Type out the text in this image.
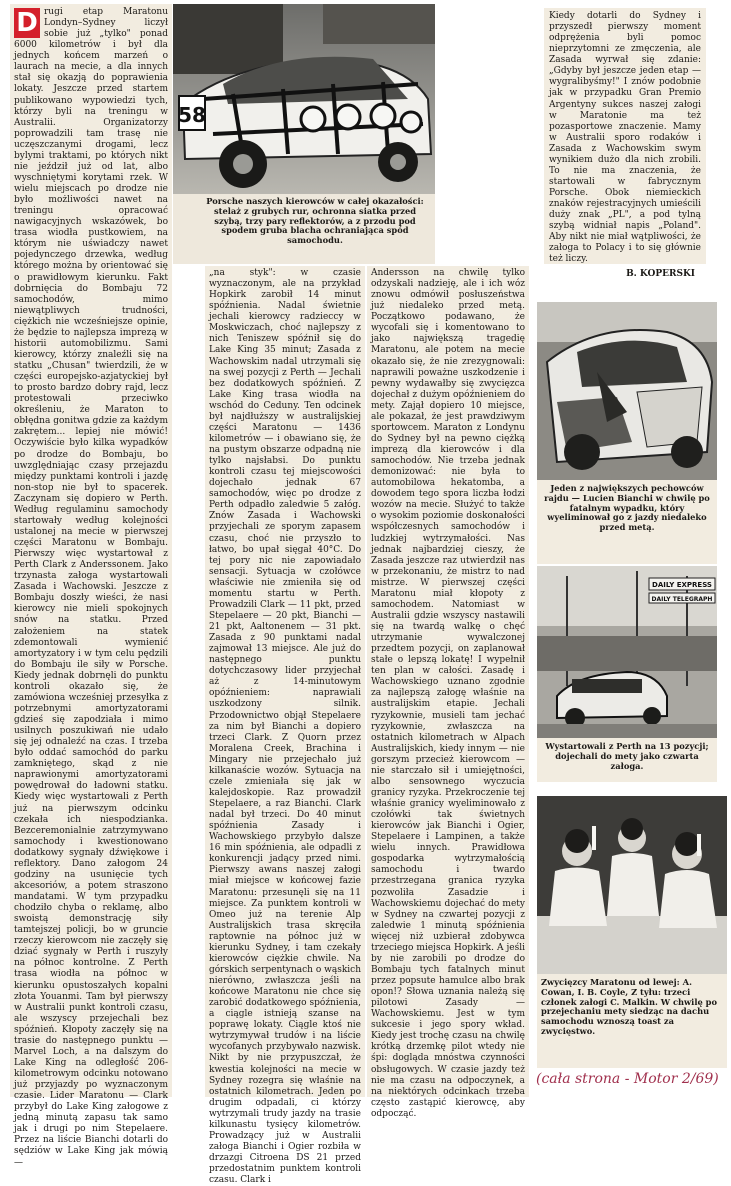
D rugi etap Maratonu Londyn–Sydney liczył sobie już „tylko" ponad 6000 kilometrów i był dla jednych końcem marzeń o laurach na mecie, a dla innych stał się okazją do poprawienia lokaty. Jeszcze przed startem publikowano wypowiedzi tych, którzy byli na treningu w Australii. Organizatorzy poprowadzili tam trasę nie uczęszczanymi drogami, lecz bylymi traktami, po których nikt nie jeździł już od lat, albo wyschniętymi korytami rzek. W wielu miejscach po drodze nie było możliwości nawet na treningu opracować nawigacyjnych wskazówek, bo trasa wiodła pustkowiem, na którym nie uświadczy nawet pojedynczego drzewka, według którego można by orientować się o prawidłowym kierunku. Fakt dobrnięcia do Bombaju 72 samochodów, mimo niewątpliwych trudności, ciężkich nie wcześniejsze opinie, że będzie to najlepsza imprezą w historii automobilizmu. Sami kierowcy, którzy znaleźli się na statku „Chusan" twierdzili, że w części europejsko-azjatyckiej był to prosto bardzo dobry rajd, lecz protestowali przeciwko określeniu, że Maraton to obłędna gonitwa gdzie za każdym zakrętem... lepiej nie mówić! Oczywiście było kilka wypadków po drodze do Bombaju, bo uwzględniając czasy przejazdu między punktami kontroli i jazdę non-stop nie był to spacerek. Zaczynam się dopiero w Perth. Według regulaminu samochody startowały według kolejności ustalonej na mecie w pierwszej części Maratonu w Bombaju. Pierwszy więc wystartował z Perth Clark z Anderssonem. Jako trzynasta załoga wystartowali Zasada i Wachowski. Jeszcze z Bombaju doszły wieści, że nasi kierowcy nie mieli spokojnych snów na statku. Przed założeniem na statek zdemontowali wymienić amortyzatory i w tym celu pędzili do Bombaju ile siły w Porsche. Kiedy jednak dobrnęli do punktu kontroli okazało się, że zamówiona wcześniej przesyłka z potrzebnymi amortyzatorami gdzieś się zapodziała i mimo usilnych poszukiwań nie udało się jej odnaleźć na czas. I trzeba było oddać samochód do parku zamkniętego, skąd z nie naprawionymi amortyzatorami powędrował do ładowni statku. Kiedy więc wystartowali z Perth już na pierwszym odcinku czekała ich niespodzianka. Bezceremonialnie zatrzymywano samochody i kwestionowano dodatkowy sygnały dźwiękowe i reflektory. Dano załogom 24 godziny na usunięcie tych akcesoriów, a potem straszono mandatami. W tym przypadku chodziło chyba o reklamę, albo swoistą demonstrację siły tamtejszej policji, bo w gruncie rzeczy kierowcom nie zaczęły się dziać sygnały w Perth i ruszyły na północ kontrolne. Z Perth trasa wiodła na północ w kierunku opustoszałych kopalni złota Youanmi. Tam był pierwszy w Australii punkt kontroli czasu, ale wszyscy przejechali bez spóźnień. Kłopoty zaczęły się na trasie do następnego punktu — Marvel Loch, a na dalszym do Lake King na odległość 206-kilometrowym odcinku notowano już przyjazdy po wyznaczonym czasie. Lider Maratonu — Clark przybył do Lake King załogowe z jedną minutą zapasu tak samo jak i drugi po nim Stepelaere. Przez na liście Bianchi dotarli do sędziów w Lake King jak mówią —

58

Porsche naszych kierowców w całej okazałości: stelaż z grubych rur, ochronna siatka przed szybą, trzy pary reflektorów, a z przodu pod spodem gruba blacha ochraniająca spód samochodu.

„na styk": w czasie wyznaczonym, ale na przykład Hopkirk zarobił 14 minut spóźnienia. Nadal świetnie jechali kierowcy radzieccy w Moskwiczach, choć najlepszy z nich Teniszew spóźnił się do Lake King 35 minut; Zasada z Wachowskim nadal utrzymali się na swej pozycji z Perth — Jechali bez dodatkowych spóźnień. Z Lake King trasa wiodła na wschód do Ceduny. Ten odcinek był najdłuższy w australijskiej części Maratonu — 1436 kilometrów — i obawiano się, że na pustym obszarze odpadną nie tylko najsłabsi. Do punktu kontroli czasu tej miejscowości dojechało jednak 67 samochodów, więc po drodze z Perth odpadło zaledwie 5 załóg. Znów Zasada i Wachowski przyjechali ze sporym zapasem czasu, choć nie przyszło to łatwo, bo upał sięgał 40°C. Do tej pory nic nie zapowiadało sensacji. Sytuacja w czołówce właściwie nie zmieniła się od momentu startu w Perth. Prowadzili Clark — 11 pkt, przed Stepelaere — 20 pkt, Bianchi — 21 pkt, Aaltonenem — 31 pkt. Zasada z 90 punktami nadal zajmował 13 miejsce. Ale już do następnego punktu dotychczasowy lider przyjechał aż z 14-minutowym opóźnieniem: naprawiali uszkodzony silnik. Przodownictwo objął Stepelaere za nim był Bianchi a dopiero trzeci Clark. Z Quorn przez Moralena Creek, Brachina i Mingary nie przejechało już kilkanaście wozów. Sytuacja na czele zmieniała się jak w kalejdoskopie. Raz prowadził Stepelaere, a raz Bianchi. Clark nadal był trzeci. Do 40 minut spóźnienia Zasady i Wachowskiego przybyło dalsze 16 min spóźnienia, ale odpadli z konkurencji jadący przed nimi. Pierwszy awans naszej załogi miał miejsce w końcowej fazie Maratonu: przesunęli się na 11 miejsce. Za punktem kontroli w Omeo już na terenie Alp Australijskich trasa skręciła raptownie na północ już w kierunku Sydney, i tam czekały kierowców ciężkie chwile. Na górskich serpentynach o wąskich nierówno, zwłaszcza jeśli na końcowe Maratonu nie chce się zarobić dodatkowego spóźnienia, a ciągle istnieją szanse na poprawę lokaty. Ciągle ktoś nie wytrzymywał trudów i na liście wycofanych przybywało nazwisk. Nikt by nie przypuszczał, że kwestia kolejności na mecie w Sydney rozegra się właśnie na ostatnich kilometrach. Jeden po drugim odpadali, ci którzy wytrzymali trudy jazdy na trasie kilkunastu tysięcy kilometrów. Prowadzący już w Australii załoga Bianchi i Ogier rozbiła w drzazgi Citroena DS 21 przed przedostatnim punktem kontroli czasu. Clark i

Andersson na chwilę tylko odzyskali nadzieję, ale i ich wóz znowu odmówił posłuszeństwa już niedaleko przed metą. Początkowo podawano, że wycofali się i komentowano to jako największą tragedię Maratonu, ale potem na mecie okazało się, że nie zrezygnowali: naprawili poważne uszkodzenie i pewny wydawałby się zwycięzca dojechał z dużym opóźnieniem do mety. Zajął dopiero 10 miejsce, ale pokazał, że jest prawdziwym sportowcem. Maraton z Londynu do Sydney był na pewno ciężką imprezą dla kierowców i dla samochodów. Nie trzeba jednak demonizować: nie była to automobilowa hekatomba, a dowodem tego spora liczba łodzi wozów na mecie. Służyć to także o wysokim poziomie doskonałości współczesnych samochodów i ludzkiej wytrzymałości. Nas jednak najbardziej cieszy, że Zasada jeszcze raz utwierdził nas w przekonaniu, że mistrz to nad mistrze. W pierwszej części Maratonu miał kłopoty z samochodem. Natomiast w Australii gdzie wszyscy nastawili się na twardą walkę o chęć utrzymanie wywalczonej przedtem pozycji, on zaplanował stałe o lepszą lokatę! I wypełnił ten plan w całości. Zasadę i Wachowskiego uznano zgodnie za najlepszą załogę właśnie na australijskim etapie. Jechali ryzykownie, musieli tam jechać ryzykownie, zwłaszcza na ostatnich kilometrach w Alpach Australijskich, kiedy innym — nie gorszym przecież kierowcom — nie starczało sił i umiejętności, albo sensownego wyczucia granicy ryzyka. Przekroczenie tej właśnie granicy wyeliminowało z czołówki tak świetnych kierowców jak Bianchi i Ogier, Stepelaere i Lampinen, a także wielu innych. Prawidłowa gospodarka wytrzymałością samochodu i twardo przestrzegana granica ryzyka pozwoliła Zasadzie i Wachowskiemu dojechać do mety w Sydney na czwartej pozycji z zaledwie 1 minutą spóźnienia więcej niż uzbierał zdobywca trzeciego miejsca Hopkirk. A jeśli by nie zarobili po drodze do Bombaju tych fatalnych minut przez popsute hamulce albo brak opon!? Słowa uznania należą się pilotowi Zasady — Wachowskiemu. Jest w tym sukcesie i jego spory wkład. Kiedy jest trochę czasu na chwilę krótką drzemkę pilot wtedy nie śpi: dogląda mnóstwa czynności obsługowych. W czasie jazdy też nie ma czasu na odpoczynek, a na niektórych odcinkach trzeba często zastąpić kierowcę, aby odpocząć.

Kiedy dotarli do Sydney i przyszedł pierwszy moment odprężenia byli pomoc nieprzytomni ze zmęczenia, ale Zasada wyrwał się zdanie: „Gdyby był jeszcze jeden etap — wygralibyśmy!" I znów podobnie jak w przypadku Gran Premio Argentyny sukces naszej załogi w Maratonie ma też pozasportowe znaczenie. Mamy w Australii sporo rodaków i Zasada z Wachowskim swym wynikiem dużo dla nich zrobili. To nie ma znaczenia, że startowali w fabrycznym Porsche. Obok niemieckich znaków rejestracyjnych umieścili duży znak „PL", a pod tylną szybą widniał napis „Poland". Aby nikt nie miał wątpliwości, że załoga to Polacy i to się głównie też liczy.

B. KOPERSKI

Jeden z największych pechowców rajdu — Lucien Bianchi w chwilę po fatalnym wypadku, który wyeliminował go z jazdy niedaleko przed metą.

DAILY EXPRESS
DAILY TELEGRAPH

Wystartowali z Perth na 13 pozycji; dojechali do mety jako czwarta załoga.

Zwycięzcy Maratonu od lewej: A. Cowan, I. B. Coyle, Z tyłu: trzeci członek załogi C. Malkin. W chwilę po przejechaniu mety siedząc na dachu samochodu wznoszą toast za zwycięstwo.

(cała strona - Motor 2/69)
